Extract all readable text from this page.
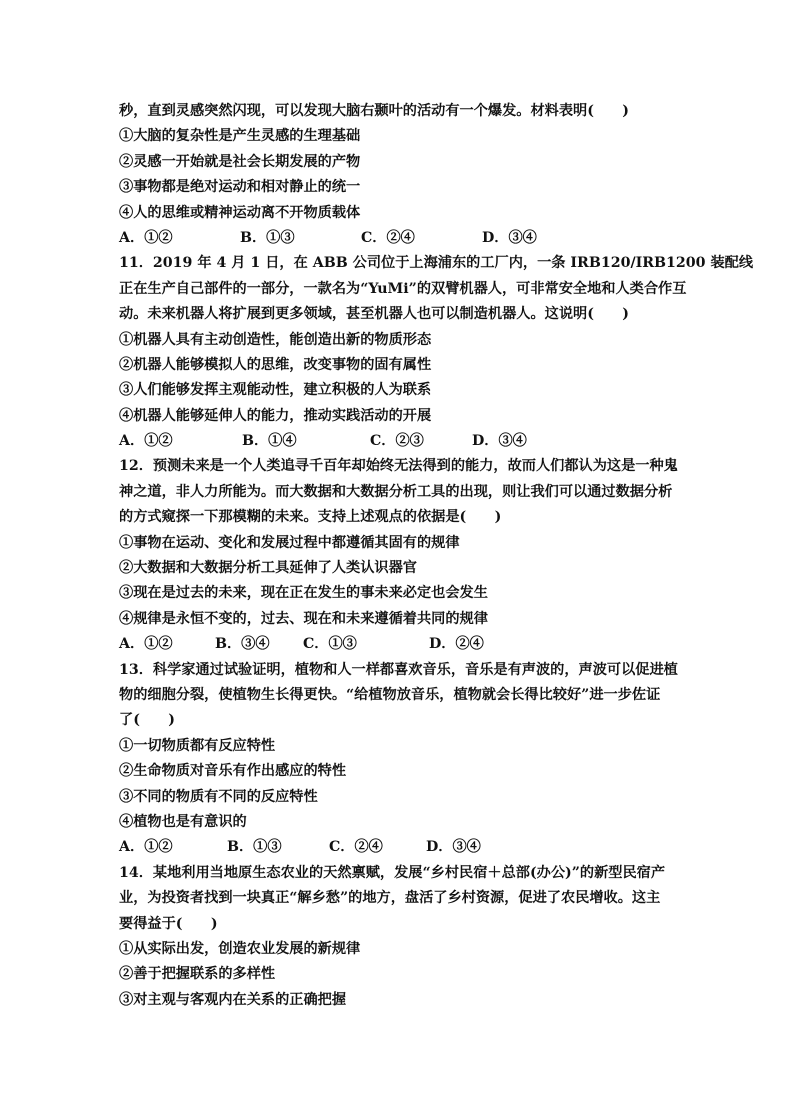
秒，直到灵感突然闪现，可以发现大脑右颞叶的活动有一个爆发。材料表明(　　)
①大脑的复杂性是产生灵感的生理基础
②灵感一开始就是社会长期发展的产物
③事物都是绝对运动和相对静止的统一
④人的思维或精神运动离不开物质载体
A．①②	B．①③	C．②④	D．③④
11．2019 年 4 月 1 日，在 ABB 公司位于上海浦东的工厂内，一条 IRB120/IRB1200 装配线
正在生产自己部件的一部分，一款名为“YuMi”的双臂机器人，可非常安全地和人类合作互
动。未来机器人将扩展到更多领域，甚至机器人也可以制造机器人。这说明(　　)
①机器人具有主动创造性，能创造出新的物质形态
②机器人能够模拟人的思维，改变事物的固有属性
③人们能够发挥主观能动性，建立积极的人为联系
④机器人能够延伸人的能力，推动实践活动的开展
A．①②	B．①④	C．②③	D．③④
12．预测未来是一个人类追寻千百年却始终无法得到的能力，故而人们都认为这是一种鬼
神之道，非人力所能为。而大数据和大数据分析工具的出现，则让我们可以通过数据分析
的方式窥探一下那模糊的未来。支持上述观点的依据是(　　)
①事物在运动、变化和发展过程中都遵循其固有的规律
②大数据和大数据分析工具延伸了人类认识器官
③现在是过去的未来，现在正在发生的事未来必定也会发生
④规律是永恒不变的，过去、现在和未来遵循着共同的规律
A．①②	B．③④	C．①③	D．②④
13．科学家通过试验证明，植物和人一样都喜欢音乐，音乐是有声波的，声波可以促进植
物的细胞分裂，使植物生长得更快。“给植物放音乐，植物就会长得比较好”进一步佐证
了(　　)
①一切物质都有反应特性
②生命物质对音乐有作出感应的特性
③不同的物质有不同的反应特性
④植物也是有意识的
A．①②	B．①③	C．②④	D．③④
14．某地利用当地原生态农业的天然禀赋，发展“乡村民宿＋总部(办公)”的新型民宿产
业，为投资者找到一块真正“解乡愁”的地方，盘活了乡村资源，促进了农民增收。这主
要得益于(　　)
①从实际出发，创造农业发展的新规律
②善于把握联系的多样性
③对主观与客观内在关系的正确把握
